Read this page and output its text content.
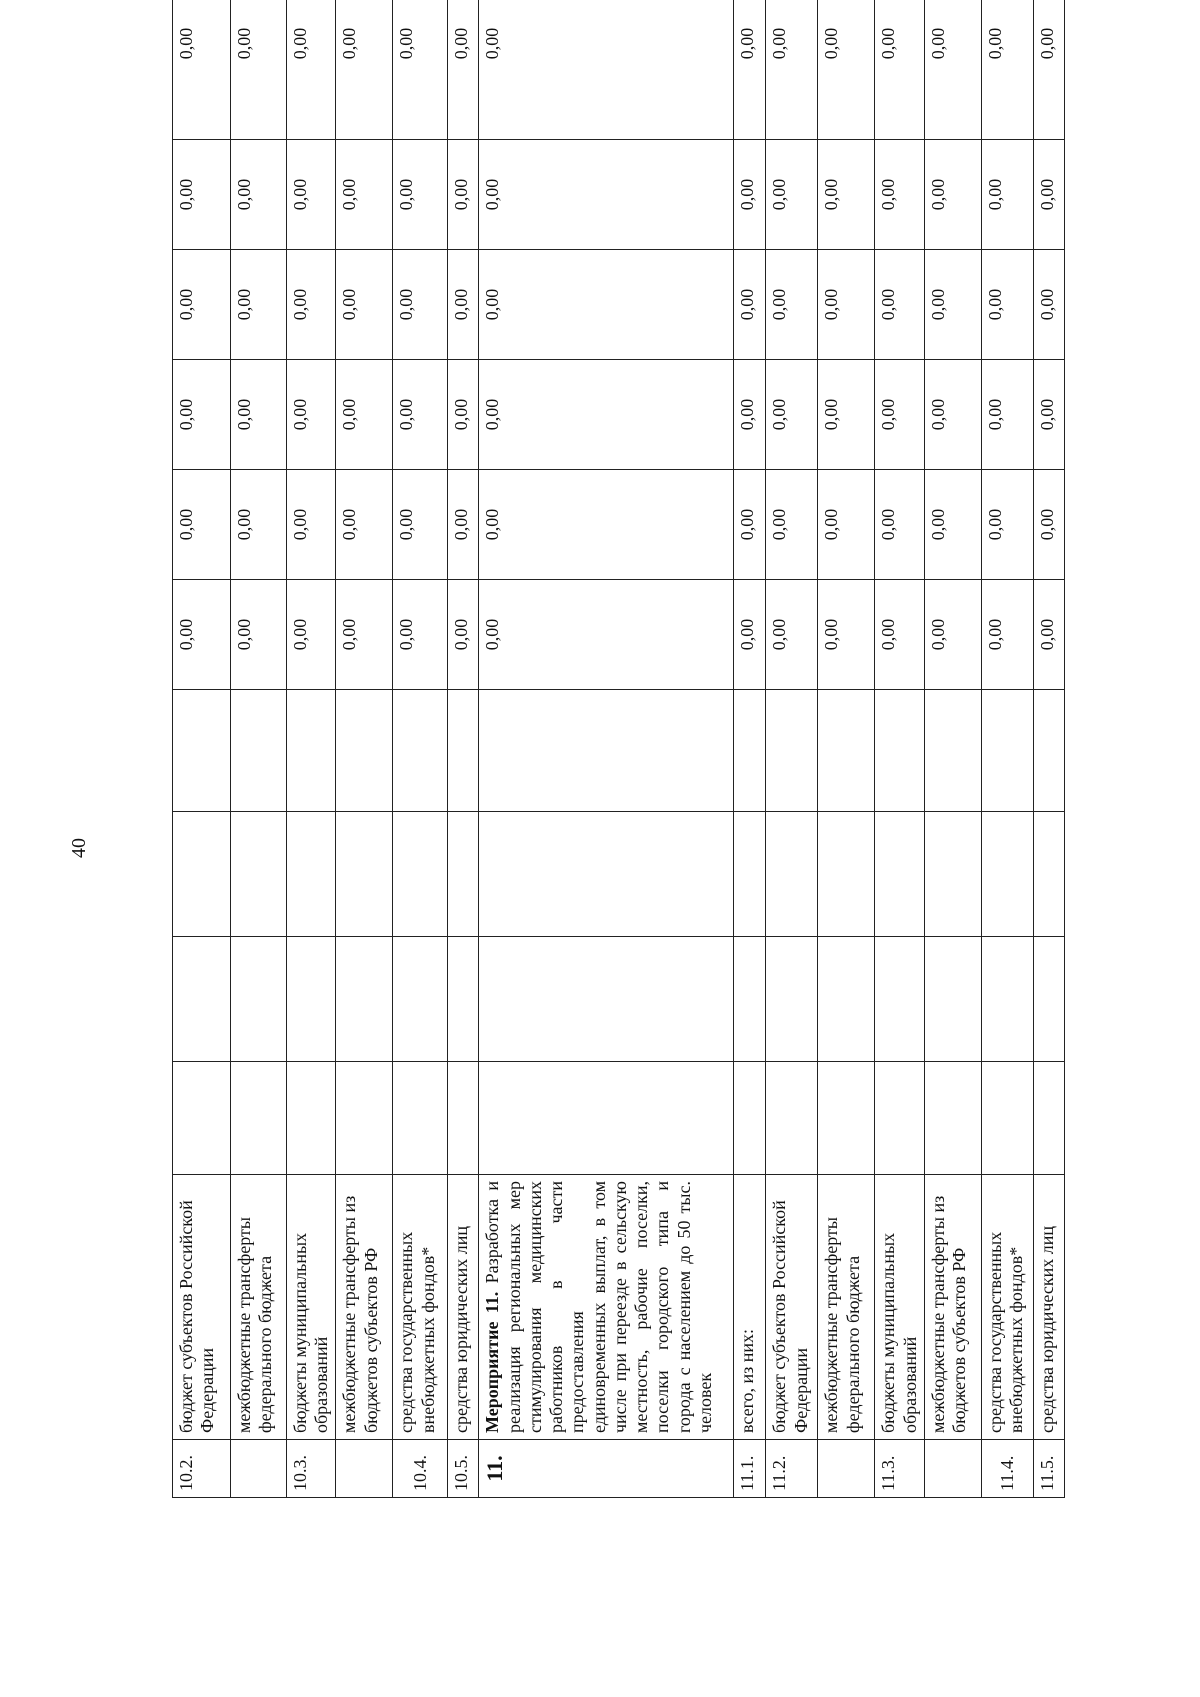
40
10.2.	бюджет субъектов Российской Федерации					0,00	0,00	0,00	0,00	0,00	0,00
	межбюджетные трансферты федерального бюджета					0,00	0,00	0,00	0,00	0,00	0,00
10.3.	бюджеты муниципальных образований					0,00	0,00	0,00	0,00	0,00	0,00
	межбюджетные трансферты из бюджетов субъектов РФ					0,00	0,00	0,00	0,00	0,00	0,00
10.4.	средства государственных внебюджетных фондов*					0,00	0,00	0,00	0,00	0,00	0,00
10.5.	средства юридических лиц					0,00	0,00	0,00	0,00	0,00	0,00
11.	Мероприятие 11. Разработка и реализация региональных мер стимулирования медицинских работников в части предоставления единовременных выплат, в том числе при переезде в сельскую местность, рабочие поселки, поселки городского типа и города с населением до 50 тыс. человек					0,00	0,00	0,00	0,00	0,00	0,00
11.1.	всего, из них:					0,00	0,00	0,00	0,00	0,00	0,00
11.2.	бюджет субъектов Российской Федерации					0,00	0,00	0,00	0,00	0,00	0,00
	межбюджетные трансферты федерального бюджета					0,00	0,00	0,00	0,00	0,00	0,00
11.3.	бюджеты муниципальных образований					0,00	0,00	0,00	0,00	0,00	0,00
	межбюджетные трансферты из бюджетов субъектов РФ					0,00	0,00	0,00	0,00	0,00	0,00
11.4.	средства государственных внебюджетных фондов*					0,00	0,00	0,00	0,00	0,00	0,00
11.5.	средства юридических лиц					0,00	0,00	0,00	0,00	0,00	0,00
